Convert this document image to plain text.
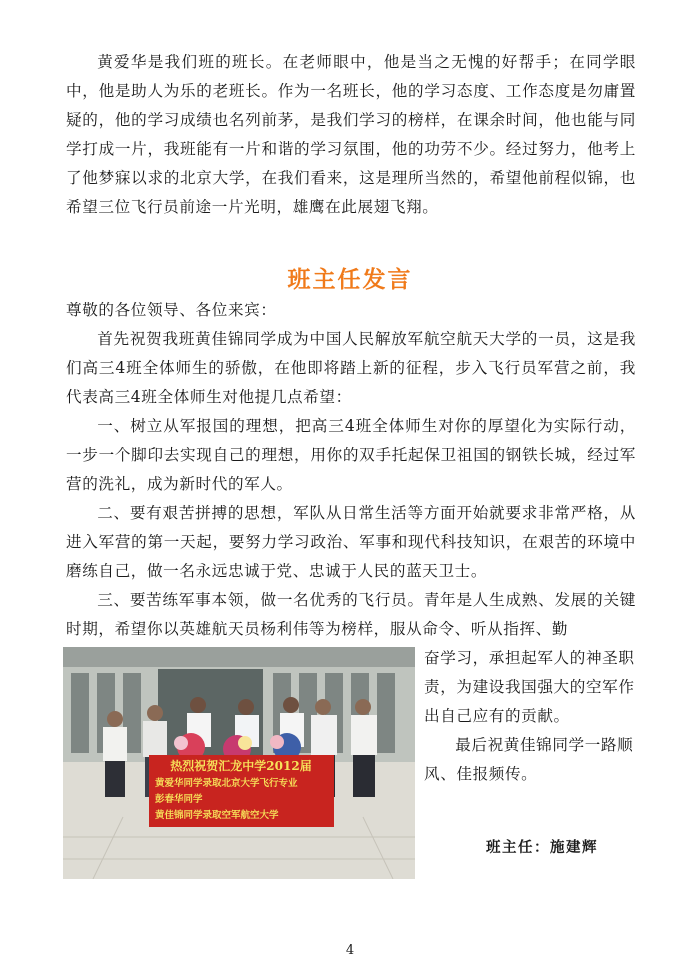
黄爱华是我们班的班长。在老师眼中，他是当之无愧的好帮手；在同学眼中，他是助人为乐的老班长。作为一名班长，他的学习态度、工作态度是勿庸置疑的，他的学习成绩也名列前茅，是我们学习的榜样，在课余时间，他也能与同学打成一片，我班能有一片和谐的学习氛围，他的功劳不少。经过努力，他考上了他梦寐以求的北京大学，在我们看来，这是理所当然的，希望他前程似锦，也希望三位飞行员前途一片光明，雄鹰在此展翅飞翔。

班主任发言

尊敬的各位领导、各位来宾：

首先祝贺我班黄佳锦同学成为中国人民解放军航空航天大学的一员，这是我们高三4班全体师生的骄傲，在他即将踏上新的征程，步入飞行员军营之前，我代表高三4班全体师生对他提几点希望：

一、树立从军报国的理想，把高三4班全体师生对你的厚望化为实际行动，一步一个脚印去实现自己的理想，用你的双手托起保卫祖国的钢铁长城，经过军营的洗礼，成为新时代的军人。

二、要有艰苦拼搏的思想，军队从日常生活等方面开始就要求非常严格，从进入军营的第一天起，要努力学习政治、军事和现代科技知识，在艰苦的环境中磨练自己，做一名永远忠诚于党、忠诚于人民的蓝天卫士。

三、要苦练军事本领，做一名优秀的飞行员。青年是人生成熟、发展的关键时期，希望你以英雄航天员杨利伟等为榜样，服从命令、听从指挥、勤

热烈祝贺汇龙中学2012届
黄爱华同学录取北京大学飞行专业
彭春华同学
黄佳锦同学录取空军航空大学

奋学习，承担起军人的神圣职责，为建设我国强大的空军作出自己应有的贡献。

最后祝黄佳锦同学一路顺风、佳报频传。

班主任：施建辉
4
